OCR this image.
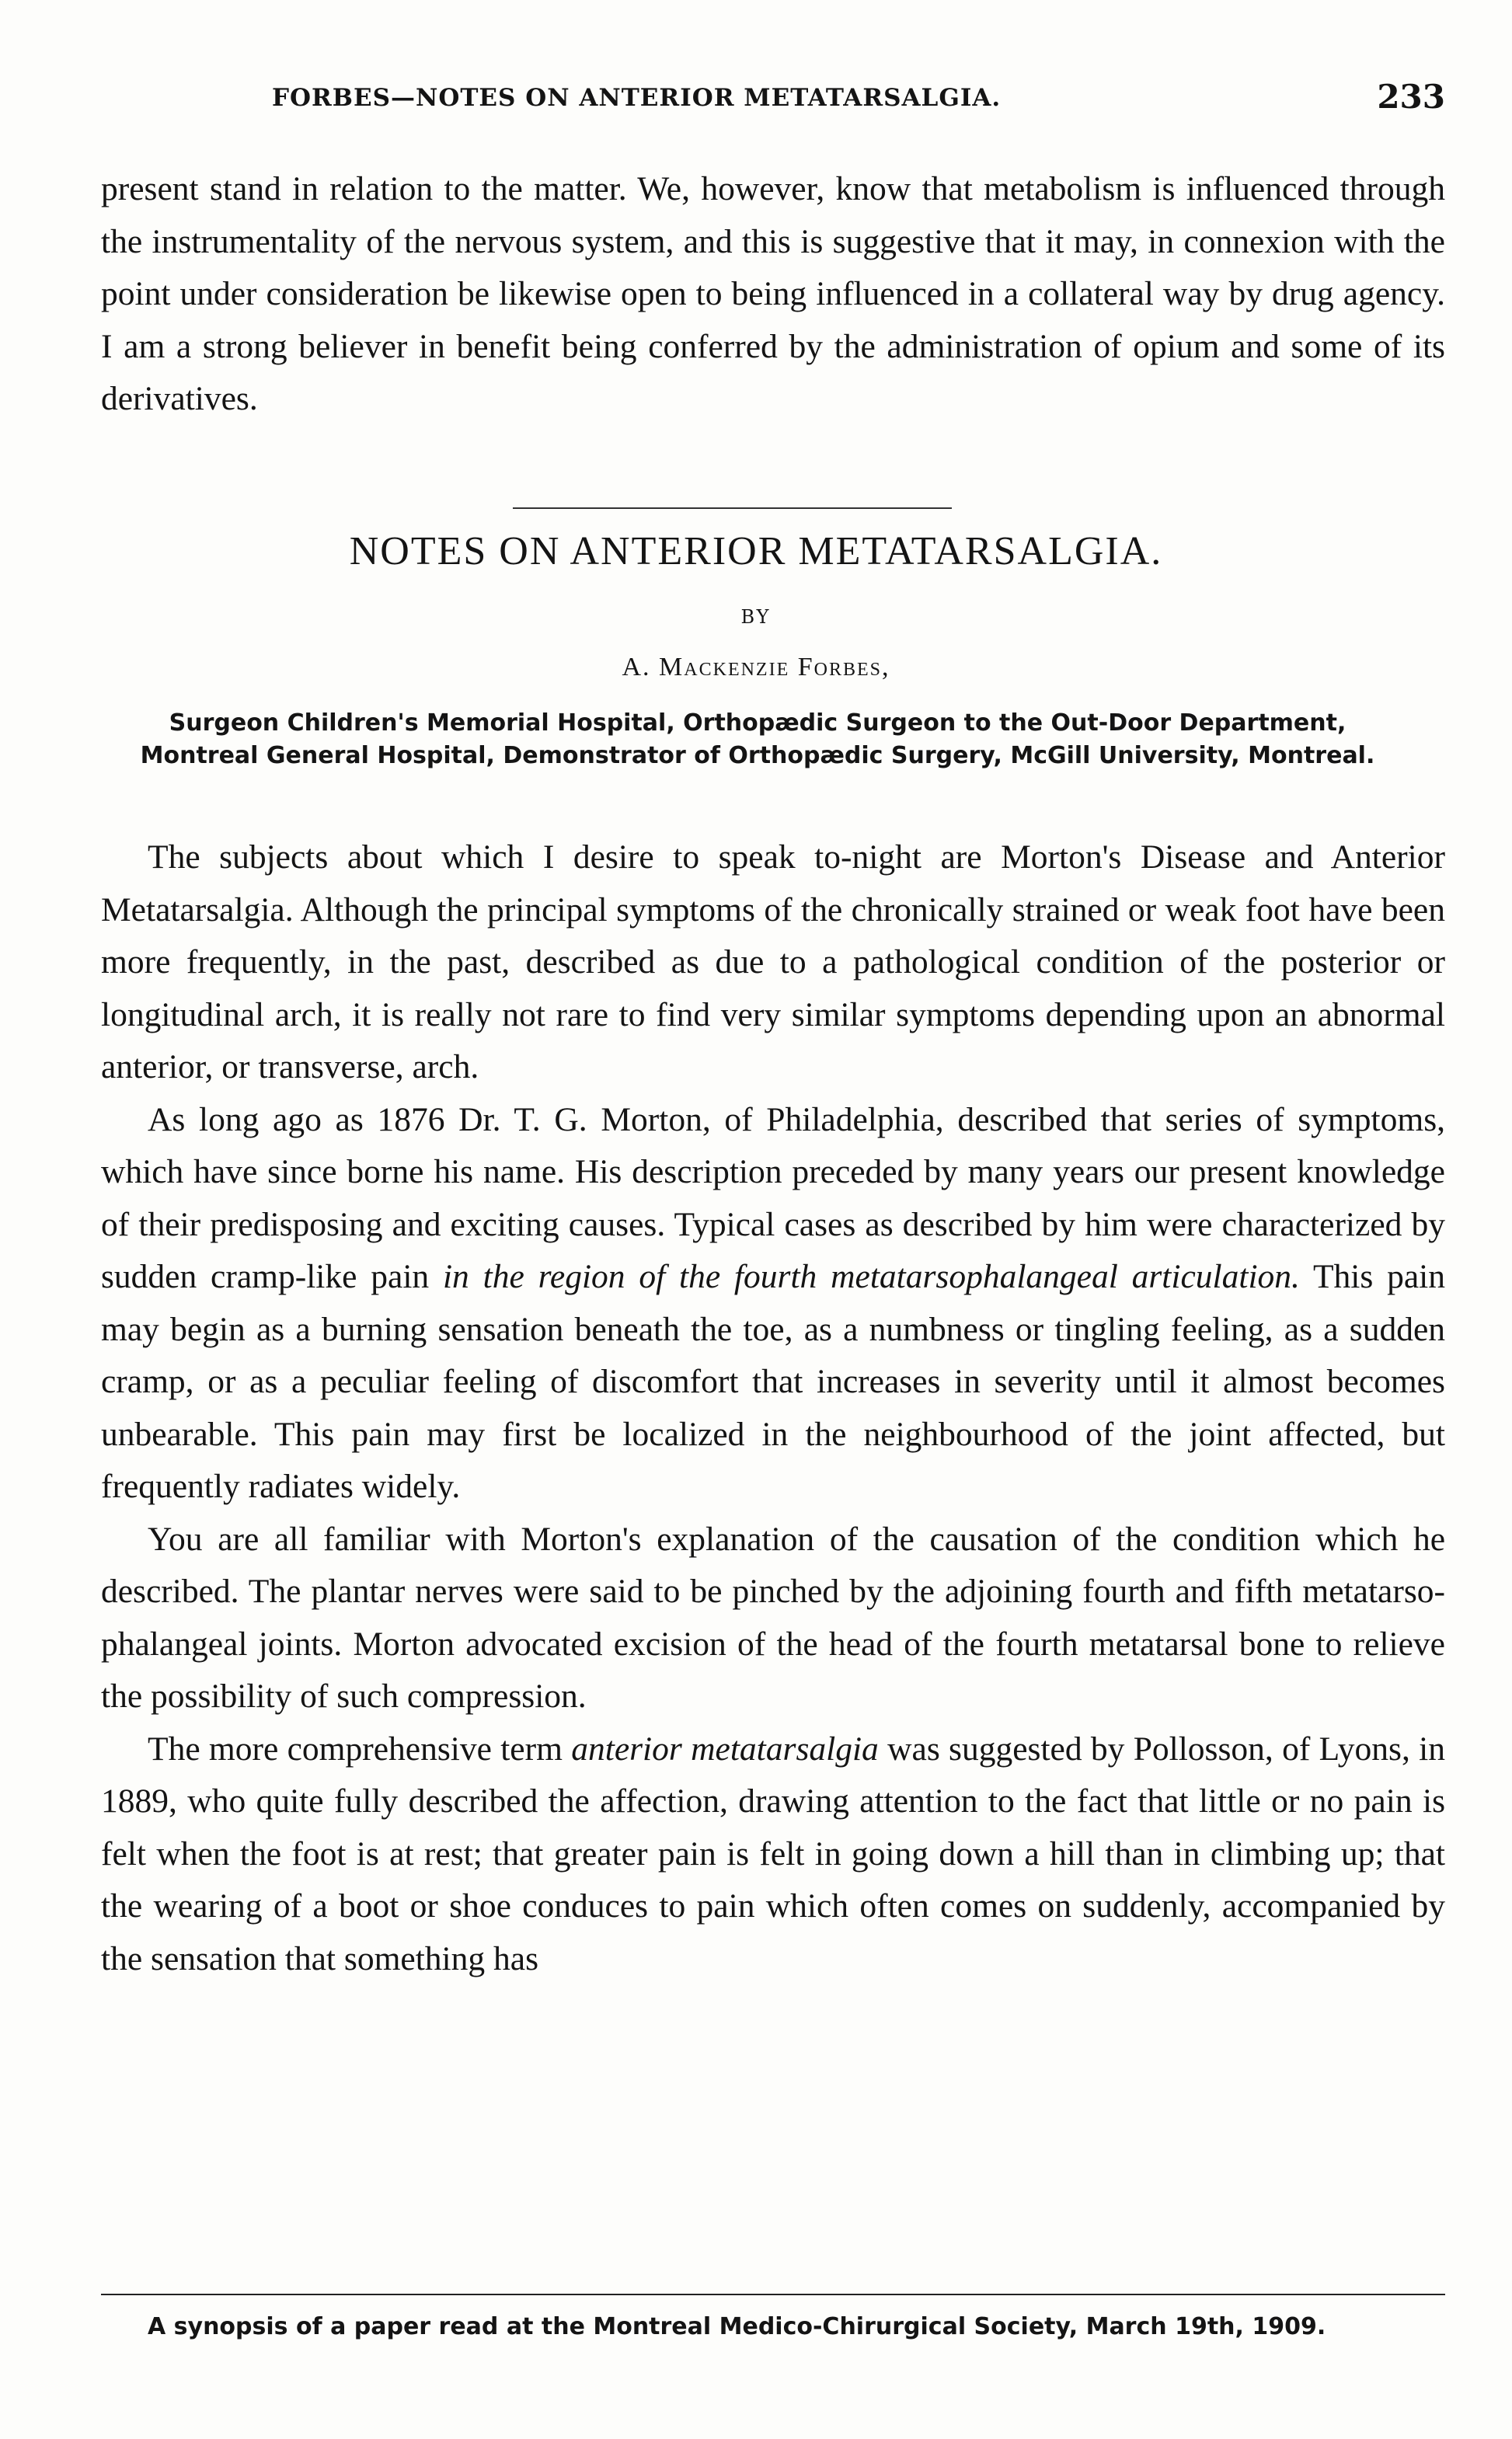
FORBES—NOTES ON ANTERIOR METATARSALGIA.	233

present stand in relation to the matter. We, however, know that metabolism is influenced through the instrumentality of the nervous system, and this is suggestive that it may, in connexion with the point under consideration be likewise open to being influenced in a collateral way by drug agency. I am a strong believer in benefit being conferred by the administration of opium and some of its derivatives.

NOTES ON ANTERIOR METATARSALGIA.
BY
A. Mackenzie Forbes,
Surgeon Children's Memorial Hospital, Orthopædic Surgeon to the Out-Door Department, Montreal General Hospital, Demonstrator of Orthopædic Surgery, McGill University, Montreal.

The subjects about which I desire to speak to-night are Morton's Disease and Anterior Metatarsalgia. Although the principal symptoms of the chronically strained or weak foot have been more frequently, in the past, described as due to a pathological condition of the posterior or longitudinal arch, it is really not rare to find very similar symptoms depending upon an abnormal anterior, or transverse, arch.

As long ago as 1876 Dr. T. G. Morton, of Philadelphia, described that series of symptoms, which have since borne his name. His description preceded by many years our present knowledge of their predisposing and exciting causes. Typical cases as described by him were characterized by sudden cramp-like pain in the region of the fourth metatarsophalangeal articulation. This pain may begin as a burning sensation beneath the toe, as a numbness or tingling feeling, as a sudden cramp, or as a peculiar feeling of discomfort that increases in severity until it almost becomes unbearable. This pain may first be localized in the neighbourhood of the joint affected, but frequently radiates widely.

You are all familiar with Morton's explanation of the causation of the condition which he described. The plantar nerves were said to be pinched by the adjoining fourth and fifth metatarso-phalangeal joints. Morton advocated excision of the head of the fourth metatarsal bone to relieve the possibility of such compression.

The more comprehensive term anterior metatarsalgia was suggested by Pollosson, of Lyons, in 1889, who quite fully described the affection, drawing attention to the fact that little or no pain is felt when the foot is at rest; that greater pain is felt in going down a hill than in climbing up; that the wearing of a boot or shoe conduces to pain which often comes on suddenly, accompanied by the sensation that something has

A synopsis of a paper read at the Montreal Medico-Chirurgical Society, March 19th, 1909.
